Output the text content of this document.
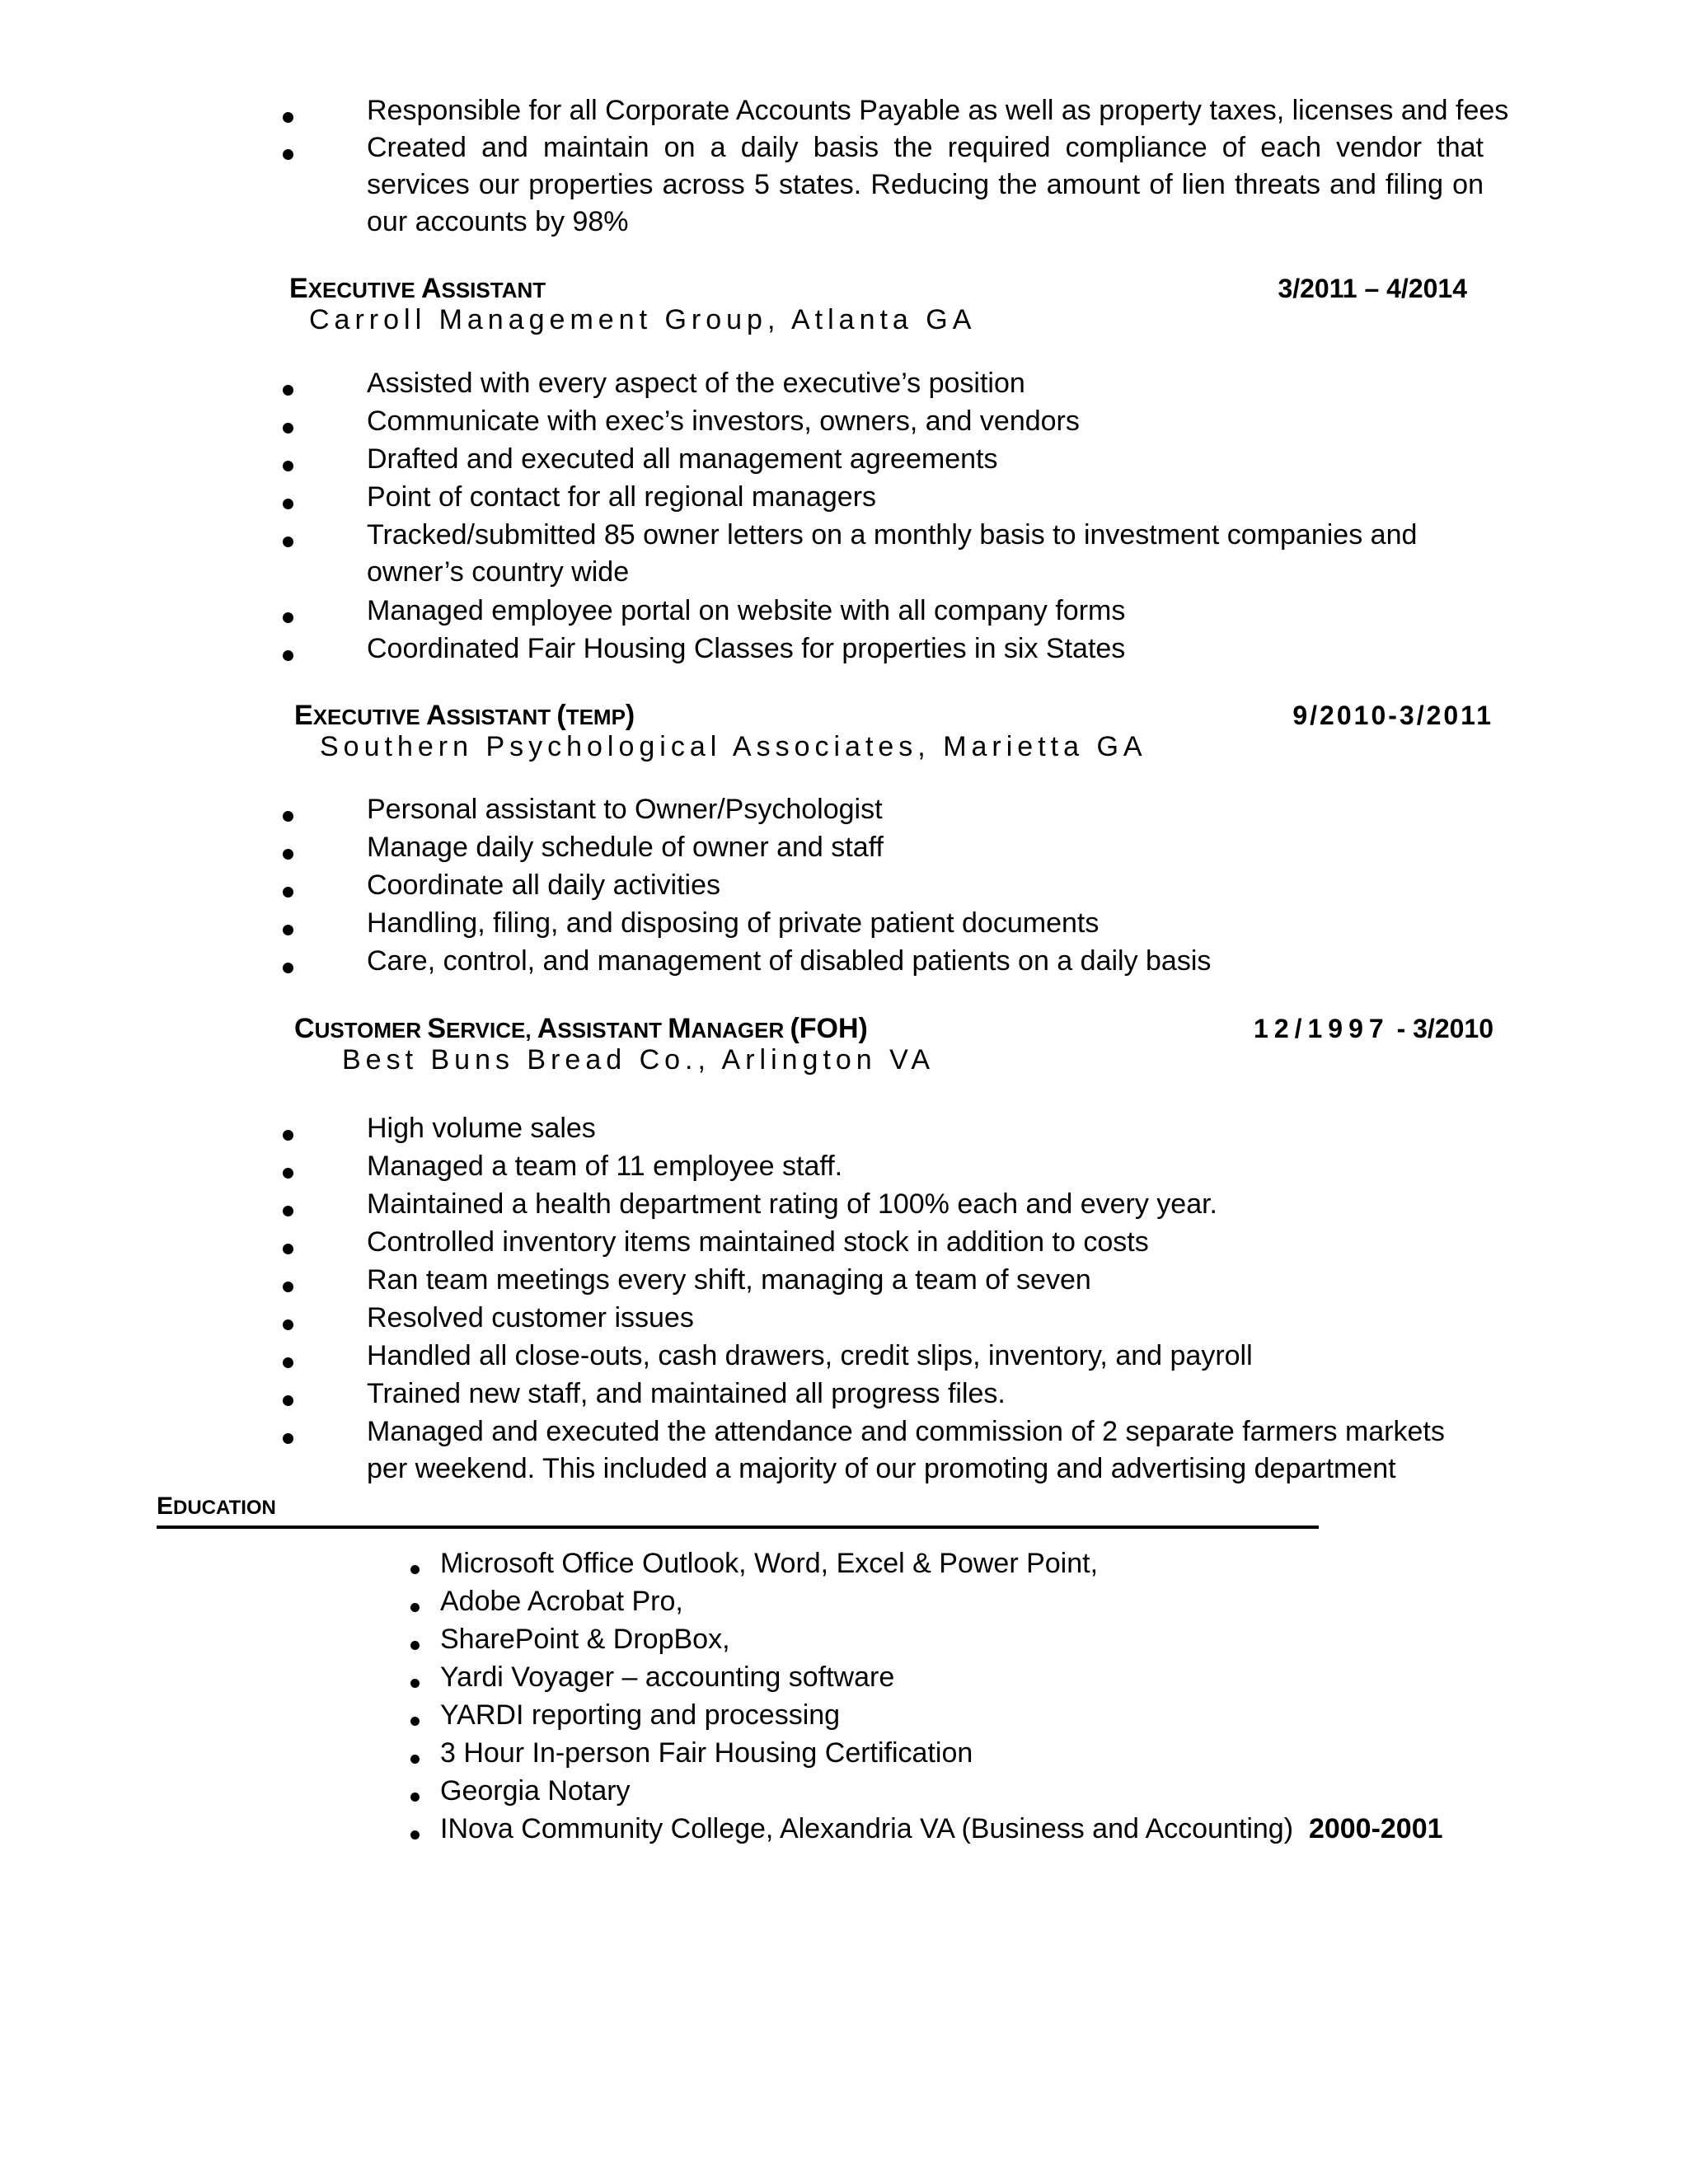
Responsible for all Corporate Accounts Payable as well as property taxes, licenses and fees
Created and maintain on a daily basis the required compliance of each vendor that services our properties across 5 states. Reducing the amount of lien threats and filing on our accounts by 98%
EXECUTIVE ASSISTANT	3/2011 – 4/2014
Carroll Management Group, Atlanta GA
Assisted with every aspect of the executive’s position
Communicate with exec’s investors, owners, and vendors
Drafted and executed all management agreements
Point of contact for all regional managers
Tracked/submitted 85 owner letters on a monthly basis to investment companies and owner’s country wide
Managed employee portal on website with all company forms
Coordinated Fair Housing Classes for properties in six States
EXECUTIVE ASSISTANT (TEMP)	9/2010-3/2011
Southern Psychological Associates, Marietta GA
Personal assistant to Owner/Psychologist
Manage daily schedule of owner and staff
Coordinate all daily activities
Handling, filing, and disposing of private patient documents
Care, control, and management of disabled patients on a daily basis
CUSTOMER SERVICE, ASSISTANT MANAGER (FOH)	12/1997 - 3/2010
Best Buns Bread Co., Arlington VA
High volume sales
Managed a team of 11 employee staff.
Maintained a health department rating of 100% each and every year.
Controlled inventory items maintained stock in addition to costs
Ran team meetings every shift, managing a team of seven
Resolved customer issues
Handled all close-outs, cash drawers, credit slips, inventory, and payroll
Trained new staff, and maintained all progress files.
Managed and executed the attendance and commission of 2 separate farmers markets per weekend. This included a majority of our promoting and advertising department
EDUCATION
Microsoft Office Outlook, Word, Excel & Power Point,
Adobe Acrobat Pro,
SharePoint & DropBox,
Yardi Voyager – accounting software
YARDI reporting and processing
3 Hour In-person Fair Housing Certification
Georgia Notary
INova Community College, Alexandria VA (Business and Accounting) 2000-2001
